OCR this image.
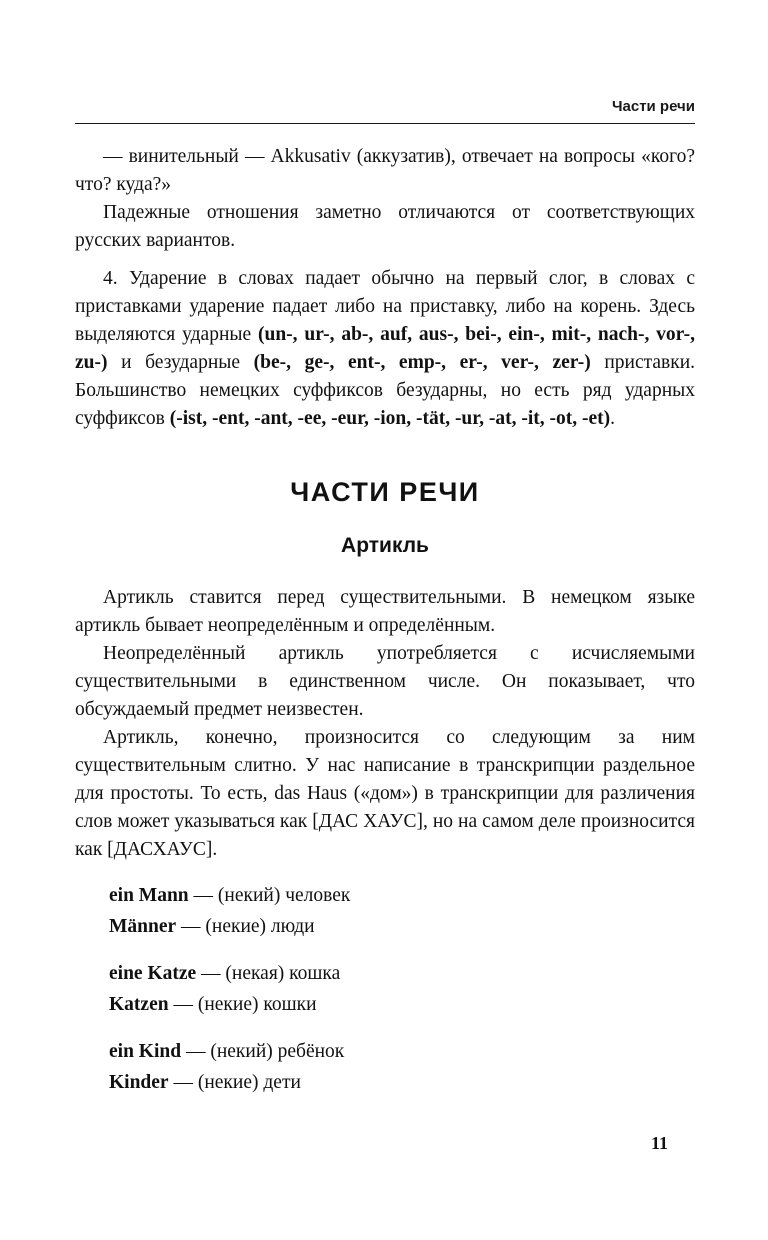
Части речи

— винительный — Akkusativ (аккузатив), отвечает на вопросы «кого? что? куда?»

Падежные отношения заметно отличаются от соответствующих русских вариантов.

4. Ударение в словах падает обычно на первый слог, в словах с приставками ударение падает либо на приставку, либо на корень. Здесь выделяются ударные (un-, ur-, ab-, auf, aus-, bei-, ein-, mit-, nach-, vor-, zu-) и безударные (be-, ge-, ent-, emp-, er-, ver-, zer-) приставки. Большинство немецких суффиксов безударны, но есть ряд ударных суффиксов (-ist, -ent, -ant, -ee, -eur, -ion, -tät, -ur, -at, -it, -ot, -et).

ЧАСТИ РЕЧИ
Артикль

Артикль ставится перед существительными. В немецком языке артикль бывает неопределённым и определённым.

Неопределённый артикль употребляется с исчисляемыми существительными в единственном числе. Он показывает, что обсуждаемый предмет неизвестен.

Артикль, конечно, произносится со следующим за ним существительным слитно. У нас написание в транскрипции раздельное для простоты. То есть, das Haus («дом») в транскрипции для различения слов может указываться как [ДАС ХАУС], но на самом деле произносится как [ДАСХАУС].

ein Mann — (некий) человек
Männer — (некие) люди
eine Katze — (некая) кошка
Katzen — (некие) кошки
ein Kind — (некий) ребёнок
Kinder — (некие) дети
11
